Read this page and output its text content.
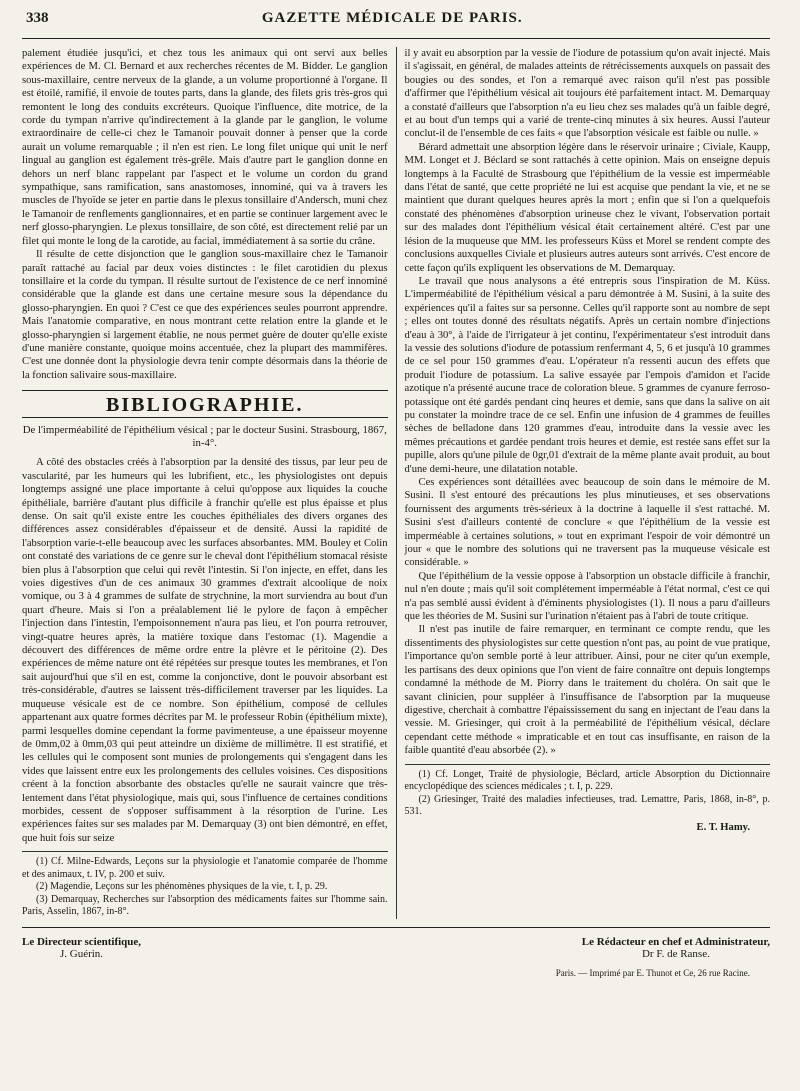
338	GAZETTE MÉDICALE DE PARIS.

palement étudiée jusqu'ici, et chez tous les animaux qui ont servi aux belles expériences de M. Cl. Bernard et aux recherches récentes de M. Bidder. Le ganglion sous-maxillaire, centre nerveux de la glande, a un volume proportionné à l'organe. Il est étoilé, ramifié, il envoie de toutes parts, dans la glande, des filets gris très-gros qui remontent le long des conduits excréteurs. Quoique l'influence, dite motrice, de la corde du tympan n'arrive qu'indirectement à la glande par le ganglion, le volume extraordinaire de celle-ci chez le Tamanoir pouvait donner à penser que la corde aurait un volume remarquable ; il n'en est rien. Le long filet unique qui unit le nerf lingual au ganglion est également très-grêle. Mais d'autre part le ganglion donne en dehors un nerf blanc rappelant par l'aspect et le volume un cordon du grand sympathique, sans ramification, sans anastomoses, innominé, qui va à travers les muscles de l'hyoïde se jeter en partie dans le plexus tonsillaire d'Andersch, muni chez le Tamanoir de renflements ganglionnaires, et en partie se continuer largement avec le nerf glosso-pharyngien. Le plexus tonsillaire, de son côté, est directement relié par un filet qui monte le long de la carotide, au facial, immédiatement à sa sortie du crâne.

Il résulte de cette disjonction que le ganglion sous-maxillaire chez le Tamanoir paraît rattaché au facial par deux voies distinctes : le filet carotidien du plexus tonsillaire et la corde du tympan. Il résulte surtout de l'existence de ce nerf innominé considérable que la glande est dans une certaine mesure sous la dépendance du glosso-pharyngien. En quoi ? C'est ce que des expériences seules pourront apprendre. Mais l'anatomie comparative, en nous montrant cette relation entre la glande et le glosso-pharyngien si largement établie, ne nous permet guère de douter qu'elle existe d'une manière constante, quoique moins accentuée, chez la plupart des mammifères. C'est une donnée dont la physiologie devra tenir compte désormais dans la théorie de la fonction salivaire sous-maxillaire.

BIBLIOGRAPHIE.
De l'imperméabilité de l'épithélium vésical ; par le docteur Susini. Strasbourg, 1867, in-4°.

A côté des obstacles créés à l'absorption par la densité des tissus, par leur peu de vascularité, par les humeurs qui les lubrifient, etc., les physiologistes ont depuis longtemps assigné une place importante à celui qu'oppose aux liquides la couche épithéliale, barrière d'autant plus difficile à franchir qu'elle est plus épaisse et plus dense. On sait qu'il existe entre les couches épithéliales des divers organes des différences assez considérables d'épaisseur et de densité. Aussi la rapidité de l'absorption varie-t-elle beaucoup avec les surfaces absorbantes. MM. Bouley et Colin ont constaté des variations de ce genre sur le cheval dont l'épithélium stomacal résiste bien plus à l'absorption que celui qui revêt l'intestin. Si l'on injecte, en effet, dans les voies digestives d'un de ces animaux 30 grammes d'extrait alcoolique de noix vomique, ou 3 à 4 grammes de sulfate de strychnine, la mort surviendra au bout d'un quart d'heure. Mais si l'on a préalablement lié le pylore de façon à empêcher l'injection dans l'intestin, l'empoisonnement n'aura pas lieu, et l'on pourra retrouver, vingt-quatre heures après, la matière toxique dans l'estomac (1). Magendie a découvert des différences de même ordre entre la plèvre et le péritoine (2). Des expériences de même nature ont été répétées sur presque toutes les membranes, et l'on sait aujourd'hui que s'il en est, comme la conjonctive, dont le pouvoir absorbant est très-considérable, d'autres se laissent très-difficilement traverser par les liquides. La muqueuse vésicale est de ce nombre. Son épithélium, composé de cellules appartenant aux quatre formes décrites par M. le professeur Robin (épithélium mixte), parmi lesquelles domine cependant la forme pavimenteuse, a une épaisseur moyenne de 0mm,02 à 0mm,03 qui peut atteindre un dixième de millimètre. Il est stratifié, et les cellules qui le composent sont munies de prolongements qui s'engagent dans les vides que laissent entre eux les prolongements des cellules voisines. Ces dispositions créent à la fonction absorbante des obstacles qu'elle ne saurait vaincre que très-lentement dans l'état physiologique, mais qui, sous l'influence de certaines conditions morbides, cessent de s'opposer suffisamment à la résorption de l'urine. Les expériences faites sur ses malades par M. Demarquay (3) ont bien démontré, en effet, que huit fois sur seize

(1) Cf. Milne-Edwards, Leçons sur la physiologie et l'anatomie comparée de l'homme et des animaux, t. IV, p. 200 et suiv.

(2) Magendie, Leçons sur les phénomènes physiques de la vie, t. I, p. 29.

(3) Demarquay, Recherches sur l'absorption des médicaments faites sur l'homme sain. Paris, Asselin, 1867, in-8°.

il y avait eu absorption par la vessie de l'iodure de potassium qu'on avait injecté. Mais il s'agissait, en général, de malades atteints de rétrécissements auxquels on passait des bougies ou des sondes, et l'on a remarqué avec raison qu'il n'est pas possible d'affirmer que l'épithélium vésical ait toujours été parfaitement intact. M. Demarquay a constaté d'ailleurs que l'absorption n'a eu lieu chez ses malades qu'à un faible degré, et au bout d'un temps qui a varié de trente-cinq minutes à six heures. Aussi l'auteur conclut-il de l'ensemble de ces faits « que l'absorption vésicale est faible ou nulle. »

Bérard admettait une absorption légère dans le réservoir urinaire ; Civiale, Kaupp, MM. Longet et J. Béclard se sont rattachés à cette opinion. Mais on enseigne depuis longtemps à la Faculté de Strasbourg que l'épithélium de la vessie est imperméable dans l'état de santé, que cette propriété ne lui est acquise que pendant la vie, et ne se maintient que durant quelques heures après la mort ; enfin que si l'on a quelquefois constaté des phénomènes d'absorption urineuse chez le vivant, l'observation portait sur des malades dont l'épithélium vésical était certainement altéré. C'est par une lésion de la muqueuse que MM. les professeurs Küss et Morel se rendent compte des conclusions auxquelles Civiale et plusieurs autres auteurs sont arrivés. C'est encore de cette façon qu'ils expliquent les observations de M. Demarquay.

Le travail que nous analysons a été entrepris sous l'inspiration de M. Küss. L'imperméabilité de l'épithélium vésical a paru démontrée à M. Susini, à la suite des expériences qu'il a faites sur sa personne. Celles qu'il rapporte sont au nombre de sept ; elles ont toutes donné des résultats négatifs. Après un certain nombre d'injections d'eau à 30°, à l'aide de l'irrigateur à jet continu, l'expérimentateur s'est introduit dans la vessie des solutions d'iodure de potassium renfermant 4, 5, 6 et jusqu'à 10 grammes de ce sel pour 150 grammes d'eau. L'opérateur n'a ressenti aucun des effets que produit l'iodure de potassium. La salive essayée par l'empois d'amidon et l'acide azotique n'a présenté aucune trace de coloration bleue. 5 grammes de cyanure ferroso-potassique ont été gardés pendant cinq heures et demie, sans que dans la salive on ait pu constater la moindre trace de ce sel. Enfin une infusion de 4 grammes de feuilles sèches de belladone dans 120 grammes d'eau, introduite dans la vessie avec les mêmes précautions et gardée pendant trois heures et demie, est restée sans effet sur la pupille, alors qu'une pilule de 0gr,01 d'extrait de la même plante avait produit, au bout d'une demi-heure, une dilatation notable.

Ces expériences sont détaillées avec beaucoup de soin dans le mémoire de M. Susini. Il s'est entouré des précautions les plus minutieuses, et ses observations fournissent des arguments très-sérieux à la doctrine à laquelle il s'est rattaché. M. Susini s'est d'ailleurs contenté de conclure « que l'épithélium de la vessie est imperméable à certaines solutions, » tout en exprimant l'espoir de voir démontré un jour « que le nombre des solutions qui ne traversent pas la muqueuse vésicale est considérable. »

Que l'épithélium de la vessie oppose à l'absorption un obstacle difficile à franchir, nul n'en doute ; mais qu'il soit complétement imperméable à l'état normal, c'est ce qui n'a pas semblé aussi évident à d'éminents physiologistes (1). Il nous a paru d'ailleurs que les théories de M. Susini sur l'urination n'étaient pas à l'abri de toute critique.

Il n'est pas inutile de faire remarquer, en terminant ce compte rendu, que les dissentiments des physiologistes sur cette question n'ont pas, au point de vue pratique, l'importance qu'on semble porté à leur attribuer. Ainsi, pour ne citer qu'un exemple, les partisans des deux opinions que l'on vient de faire connaître ont depuis longtemps condamné la méthode de M. Piorry dans le traitement du choléra. On sait que le savant clinicien, pour suppléer à l'insuffisance de l'absorption par la muqueuse digestive, cherchait à combattre l'épaississement du sang en injectant de l'eau dans la vessie. M. Griesinger, qui croit à la perméabilité de l'épithélium vésical, déclare cependant cette méthode « impraticable et en tout cas insuffisante, en raison de la faible quantité d'eau absorbée (2). »

(1) Cf. Longet, Traité de physiologie, Béclard, article Absorption du Dictionnaire encyclopédique des sciences médicales ; t. I, p. 229.

(2) Griesinger, Traité des maladies infectieuses, trad. Lemattre, Paris, 1868, in-8°, p. 531.

E. T. Hamy.
Le Directeur scientifique,
J. Guérin.
Le Rédacteur en chef et Administrateur,
Dr F. de Ranse.
Paris. — Imprimé par E. Thunot et Ce, 26 rue Racine.
